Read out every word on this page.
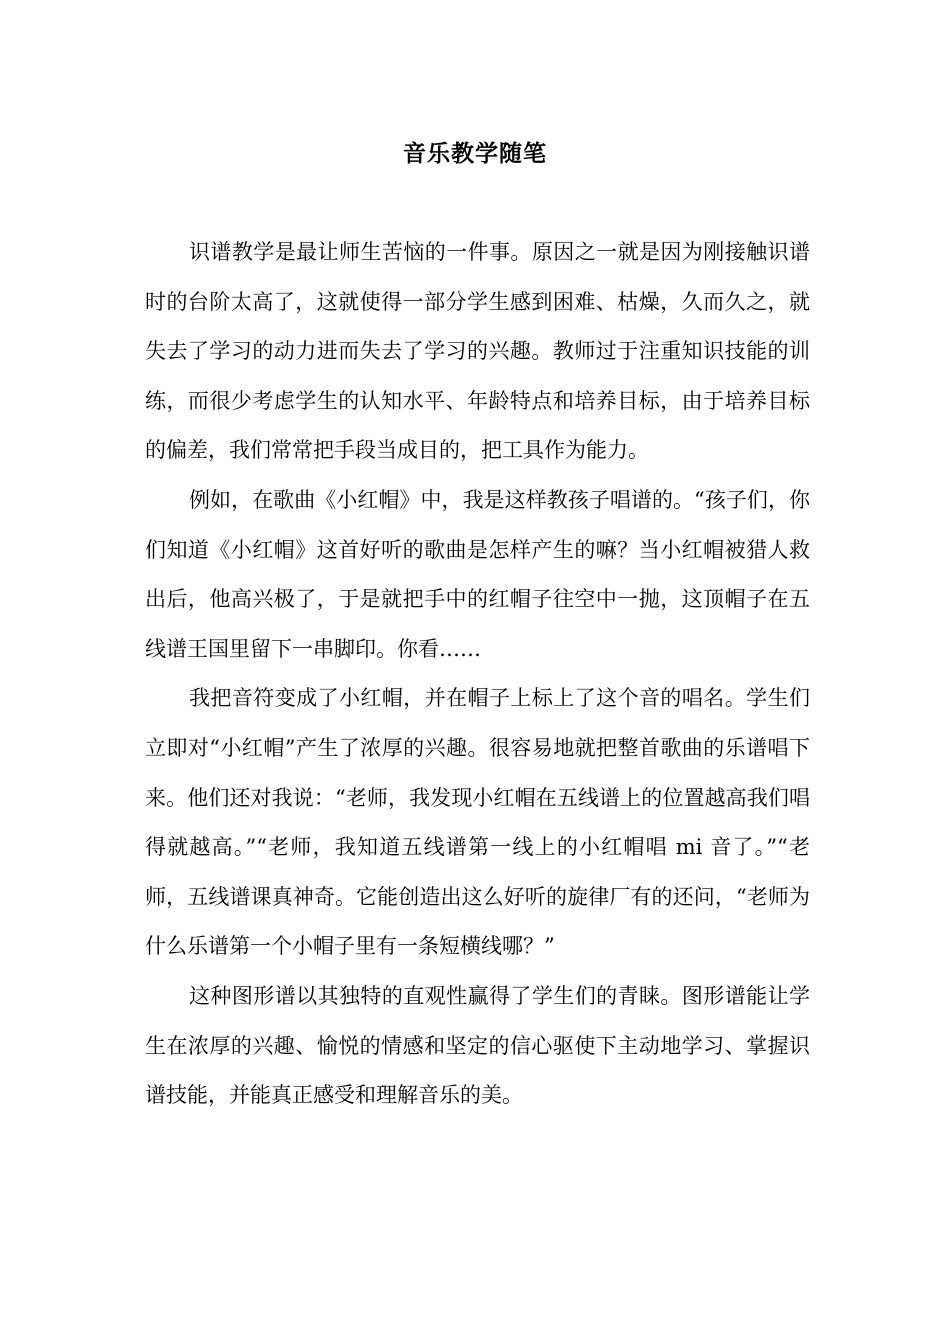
音乐教学随笔

识谱教学是最让师生苦恼的一件事。原因之一就是因为刚接触识谱时的台阶太高了，这就使得一部分学生感到困难、枯燥，久而久之，就失去了学习的动力进而失去了学习的兴趣。教师过于注重知识技能的训练，而很少考虑学生的认知水平、年龄特点和培养目标，由于培养目标的偏差，我们常常把手段当成目的，把工具作为能力。

例如，在歌曲《小红帽》中，我是这样教孩子唱谱的。“孩子们，你们知道《小红帽》这首好听的歌曲是怎样产生的嘛？当小红帽被猎人救出后，他高兴极了，于是就把手中的红帽子往空中一抛，这顶帽子在五线谱王国里留下一串脚印。你看……

我把音符变成了小红帽，并在帽子上标上了这个音的唱名。学生们立即对“小红帽”产生了浓厚的兴趣。很容易地就把整首歌曲的乐谱唱下来。他们还对我说：“老师，我发现小红帽在五线谱上的位置越高我们唱得就越高。”“老师，我知道五线谱第一线上的小红帽唱 mi 音了。”“老师，五线谱课真神奇。它能创造出这么好听的旋律厂有的还问，“老师为什么乐谱第一个小帽子里有一条短横线哪？”

这种图形谱以其独特的直观性赢得了学生们的青睐。图形谱能让学生在浓厚的兴趣、愉悦的情感和坚定的信心驱使下主动地学习、掌握识谱技能，并能真正感受和理解音乐的美。
